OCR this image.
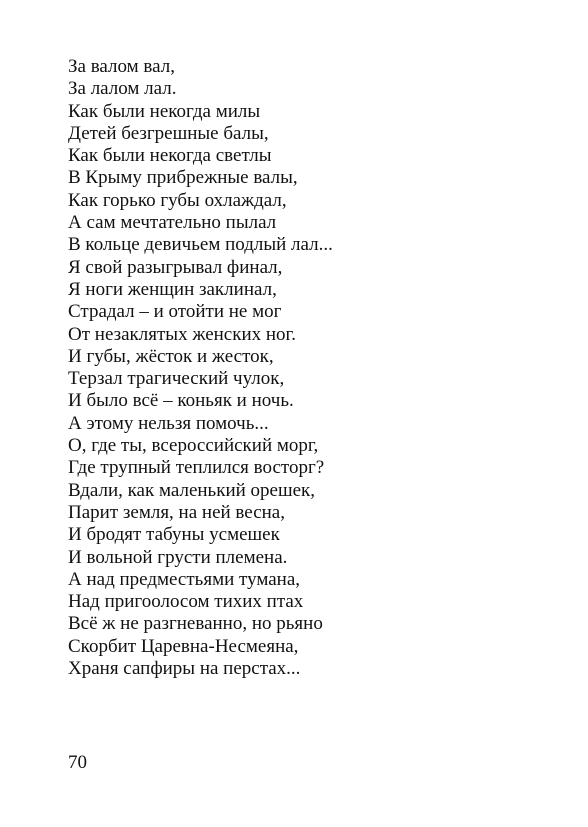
За валом вал,
За лалом лал.
Как были некогда милы
Детей безгрешные балы,
Как были некогда светлы
В Крыму прибрежные валы,
Как горько губы охлаждал,
А сам мечтательно пылал
В кольце девичьем подлый лал...
Я свой разыгрывал финал,
Я ноги женщин заклинал,
Страдал – и отойти не мог
От незаклятых женских ног.
И губы, жёсток и жесток,
Терзал трагический чулок,
И было всё – коньяк и ночь.
А этому нельзя помочь...
О, где ты, всероссийский морг,
Где трупный теплился восторг?
Вдали, как маленький орешек,
Парит земля, на ней весна,
И бродят табуны усмешек
И вольной грусти племена.
А над предместьями тумана,
Над пригоолосом тихих птах
Всё ж не разгневанно, но рьяно
Скорбит Царевна-Несмеяна,
Храня сапфиры на перстах...
70
